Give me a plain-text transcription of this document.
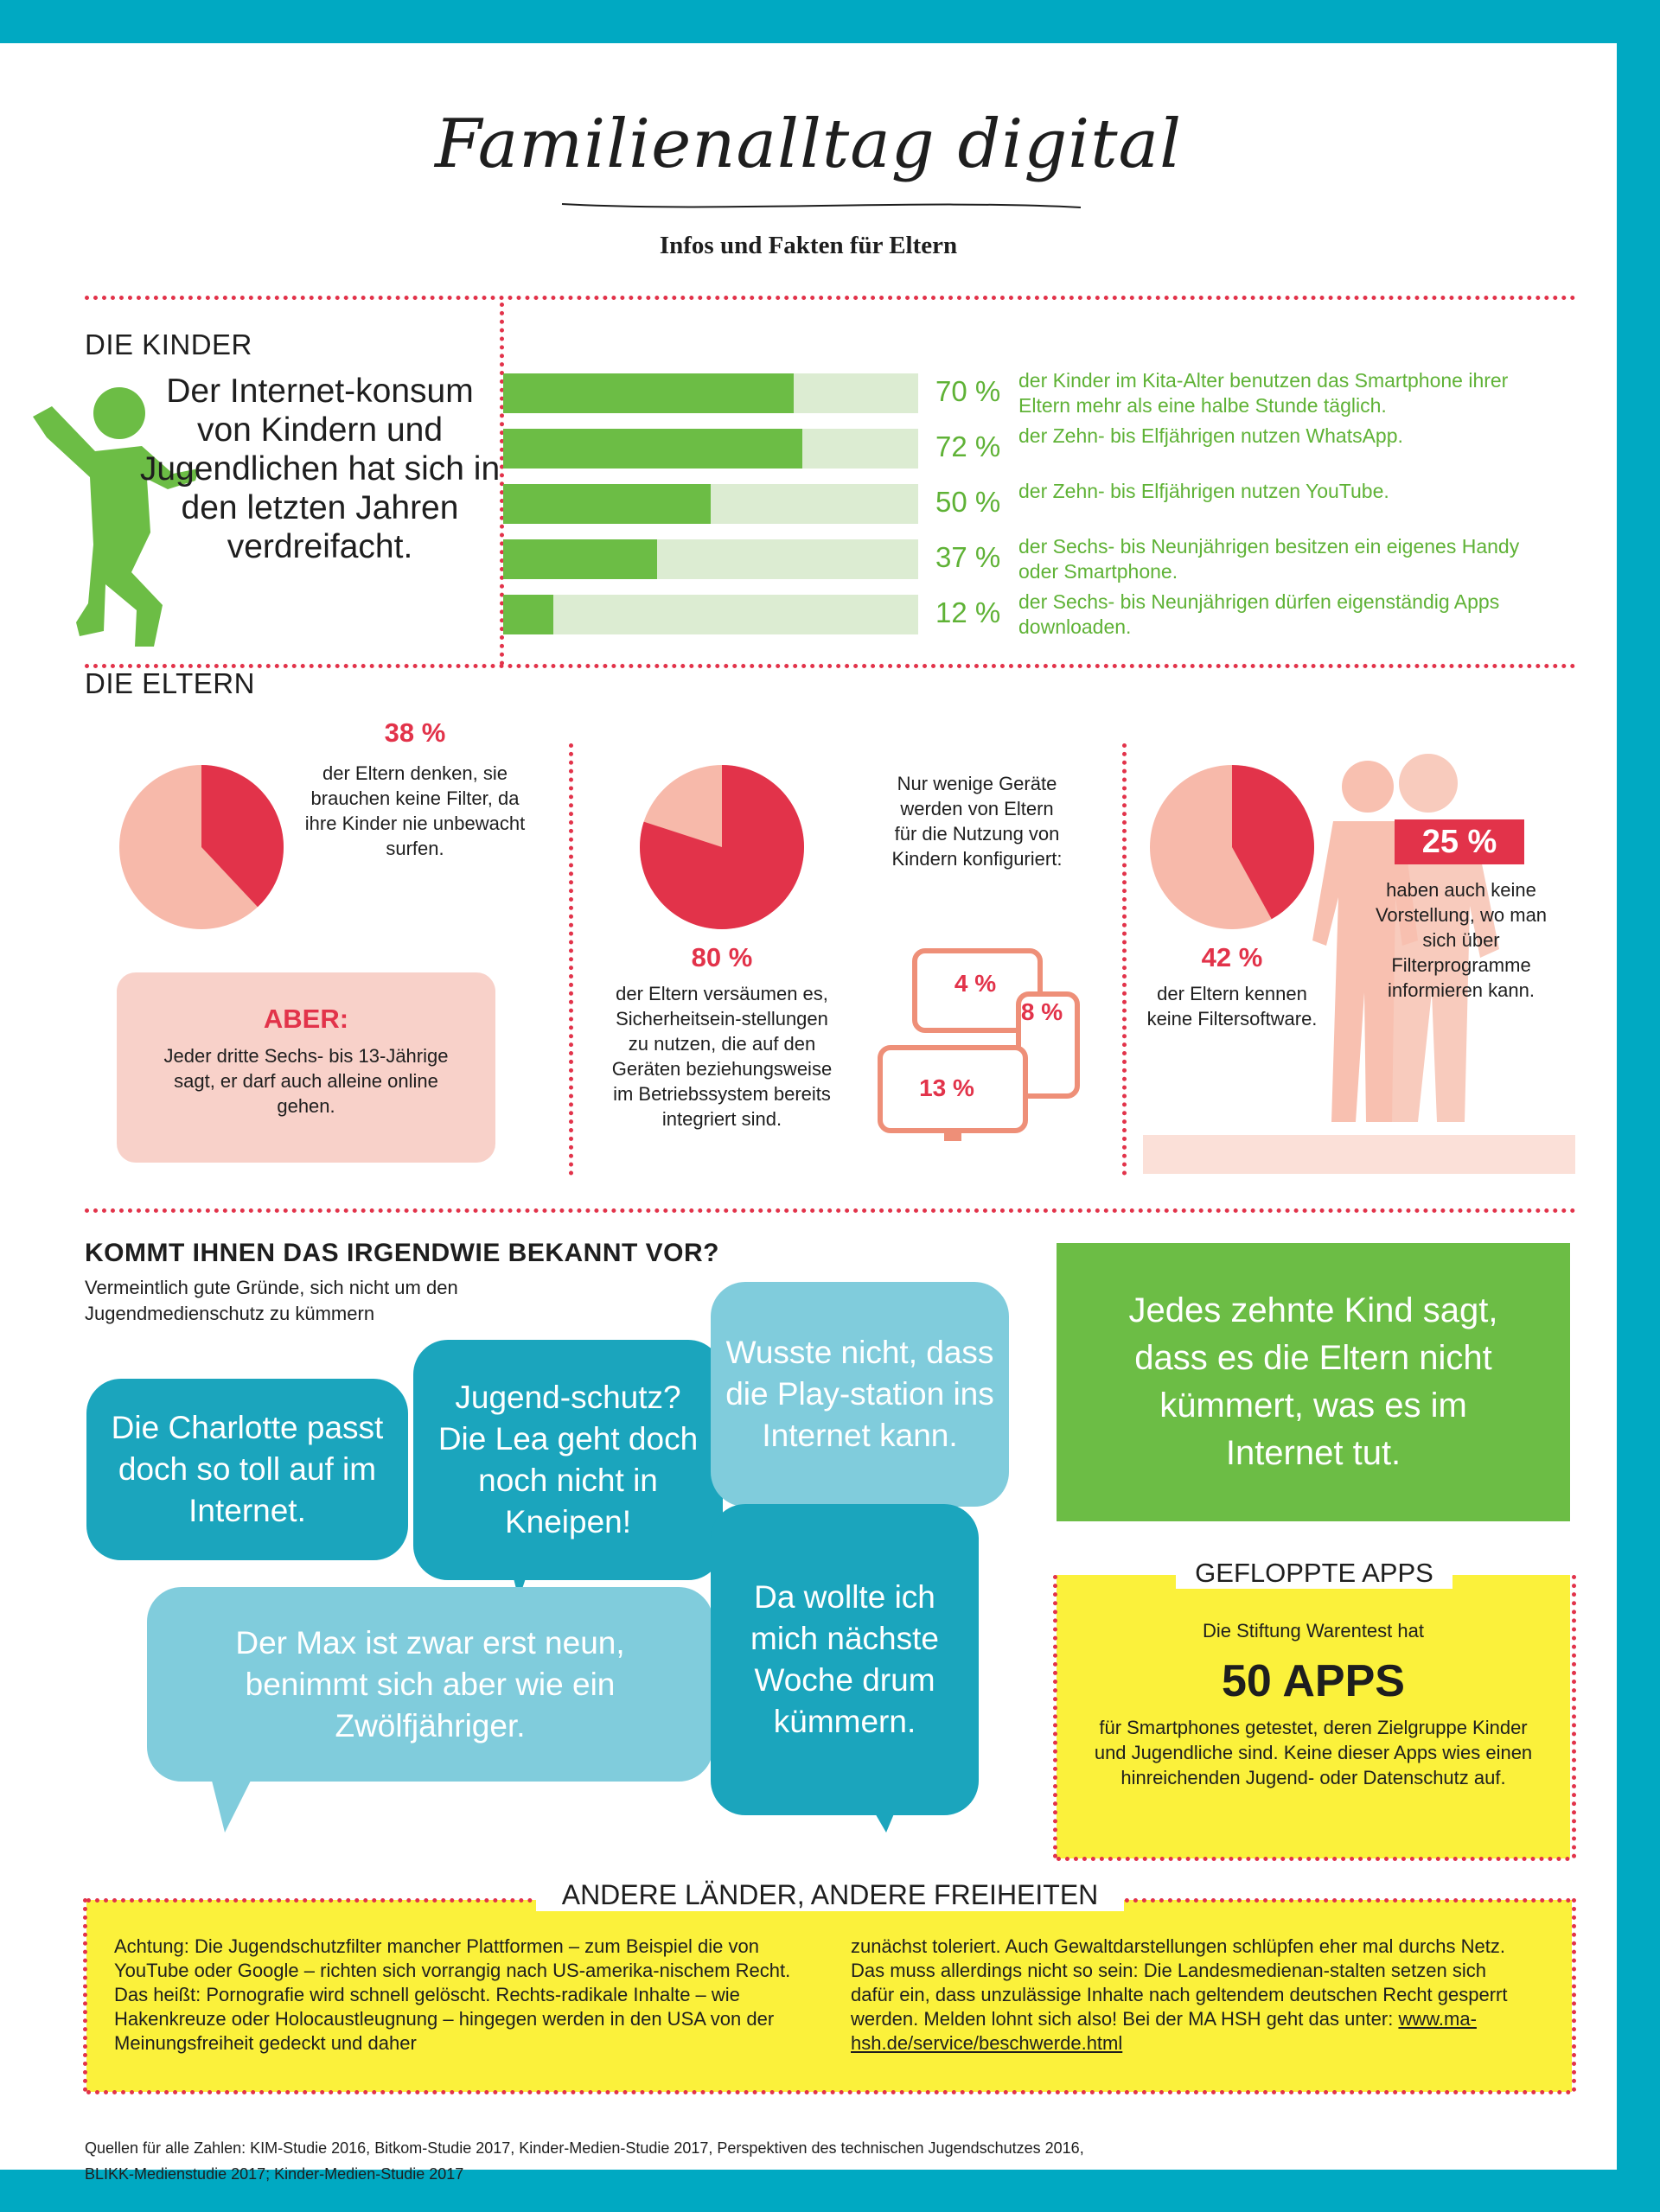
Familienalltag digital
Infos und Fakten für Eltern
DIE KINDER
Der Internet-konsum von Kindern und Jugendlichen hat sich in den letzten Jahren verdreifacht.
70 % der Kinder im Kita-Alter benutzen das Smartphone ihrer Eltern mehr als eine halbe Stunde täglich.
72 % der Zehn- bis Elfjährigen nutzen WhatsApp.
50 % der Zehn- bis Elfjährigen nutzen YouTube.
37 % der Sechs- bis Neunjährigen besitzen ein eigenes Handy oder Smartphone.
12 % der Sechs- bis Neunjährigen dürfen eigenständig Apps downloaden.
DIE ELTERN
38 %
der Eltern denken, sie brauchen keine Filter, da ihre Kinder nie unbewacht surfen.
ABER:
Jeder dritte Sechs- bis 13-Jährige sagt, er darf auch alleine online gehen.
80 %
der Eltern versäumen es, Sicherheitsein-stellungen zu nutzen, die auf den Geräten beziehungsweise im Betriebssystem bereits integriert sind.
Nur wenige Geräte werden von Eltern für die Nutzung von Kindern konfiguriert:
4 %
8 %
13 %
42 %
der Eltern kennen keine Filtersoftware.
25 %
haben auch keine Vorstellung, wo man sich über Filterprogramme informieren kann.
KOMMT IHNEN DAS IRGENDWIE BEKANNT VOR?
Vermeintlich gute Gründe, sich nicht um den Jugendmedienschutz zu kümmern
Die Charlotte passt doch so toll auf im Internet.
Jugend-schutz? Die Lea geht doch noch nicht in Kneipen!
Wusste nicht, dass die Play-station ins Internet kann.
Der Max ist zwar erst neun, benimmt sich aber wie ein Zwölfjähriger.
Da wollte ich mich nächste Woche drum kümmern.
Jedes zehnte Kind sagt, dass es die Eltern nicht kümmert, was es im Internet tut.
GEFLOPPTE APPS
Die Stiftung Warentest hat
50 APPS
für Smartphones getestet, deren Zielgruppe Kinder und Jugendliche sind. Keine dieser Apps wies einen hinreichenden Jugend- oder Datenschutz auf.
ANDERE LÄNDER, ANDERE FREIHEITEN
Achtung: Die Jugendschutzfilter mancher Plattformen – zum Beispiel die von YouTube oder Google – richten sich vorrangig nach US-amerika-nischem Recht. Das heißt: Pornografie wird schnell gelöscht. Rechts-radikale Inhalte – wie Hakenkreuze oder Holocaustleugnung – hingegen werden in den USA von der Meinungsfreiheit gedeckt und daher
zunächst toleriert. Auch Gewaltdarstellungen schlüpfen eher mal durchs Netz. Das muss allerdings nicht so sein: Die Landesmedienan-stalten setzen sich dafür ein, dass unzulässige Inhalte nach geltendem deutschen Recht gesperrt werden. Melden lohnt sich also! Bei der MA HSH geht das unter: www.ma-hsh.de/service/beschwerde.html
Quellen für alle Zahlen: KIM-Studie 2016, Bitkom-Studie 2017, Kinder-Medien-Studie 2017, Perspektiven des technischen Jugendschutzes 2016,
BLIKK-Medienstudie 2017; Kinder-Medien-Studie 2017
